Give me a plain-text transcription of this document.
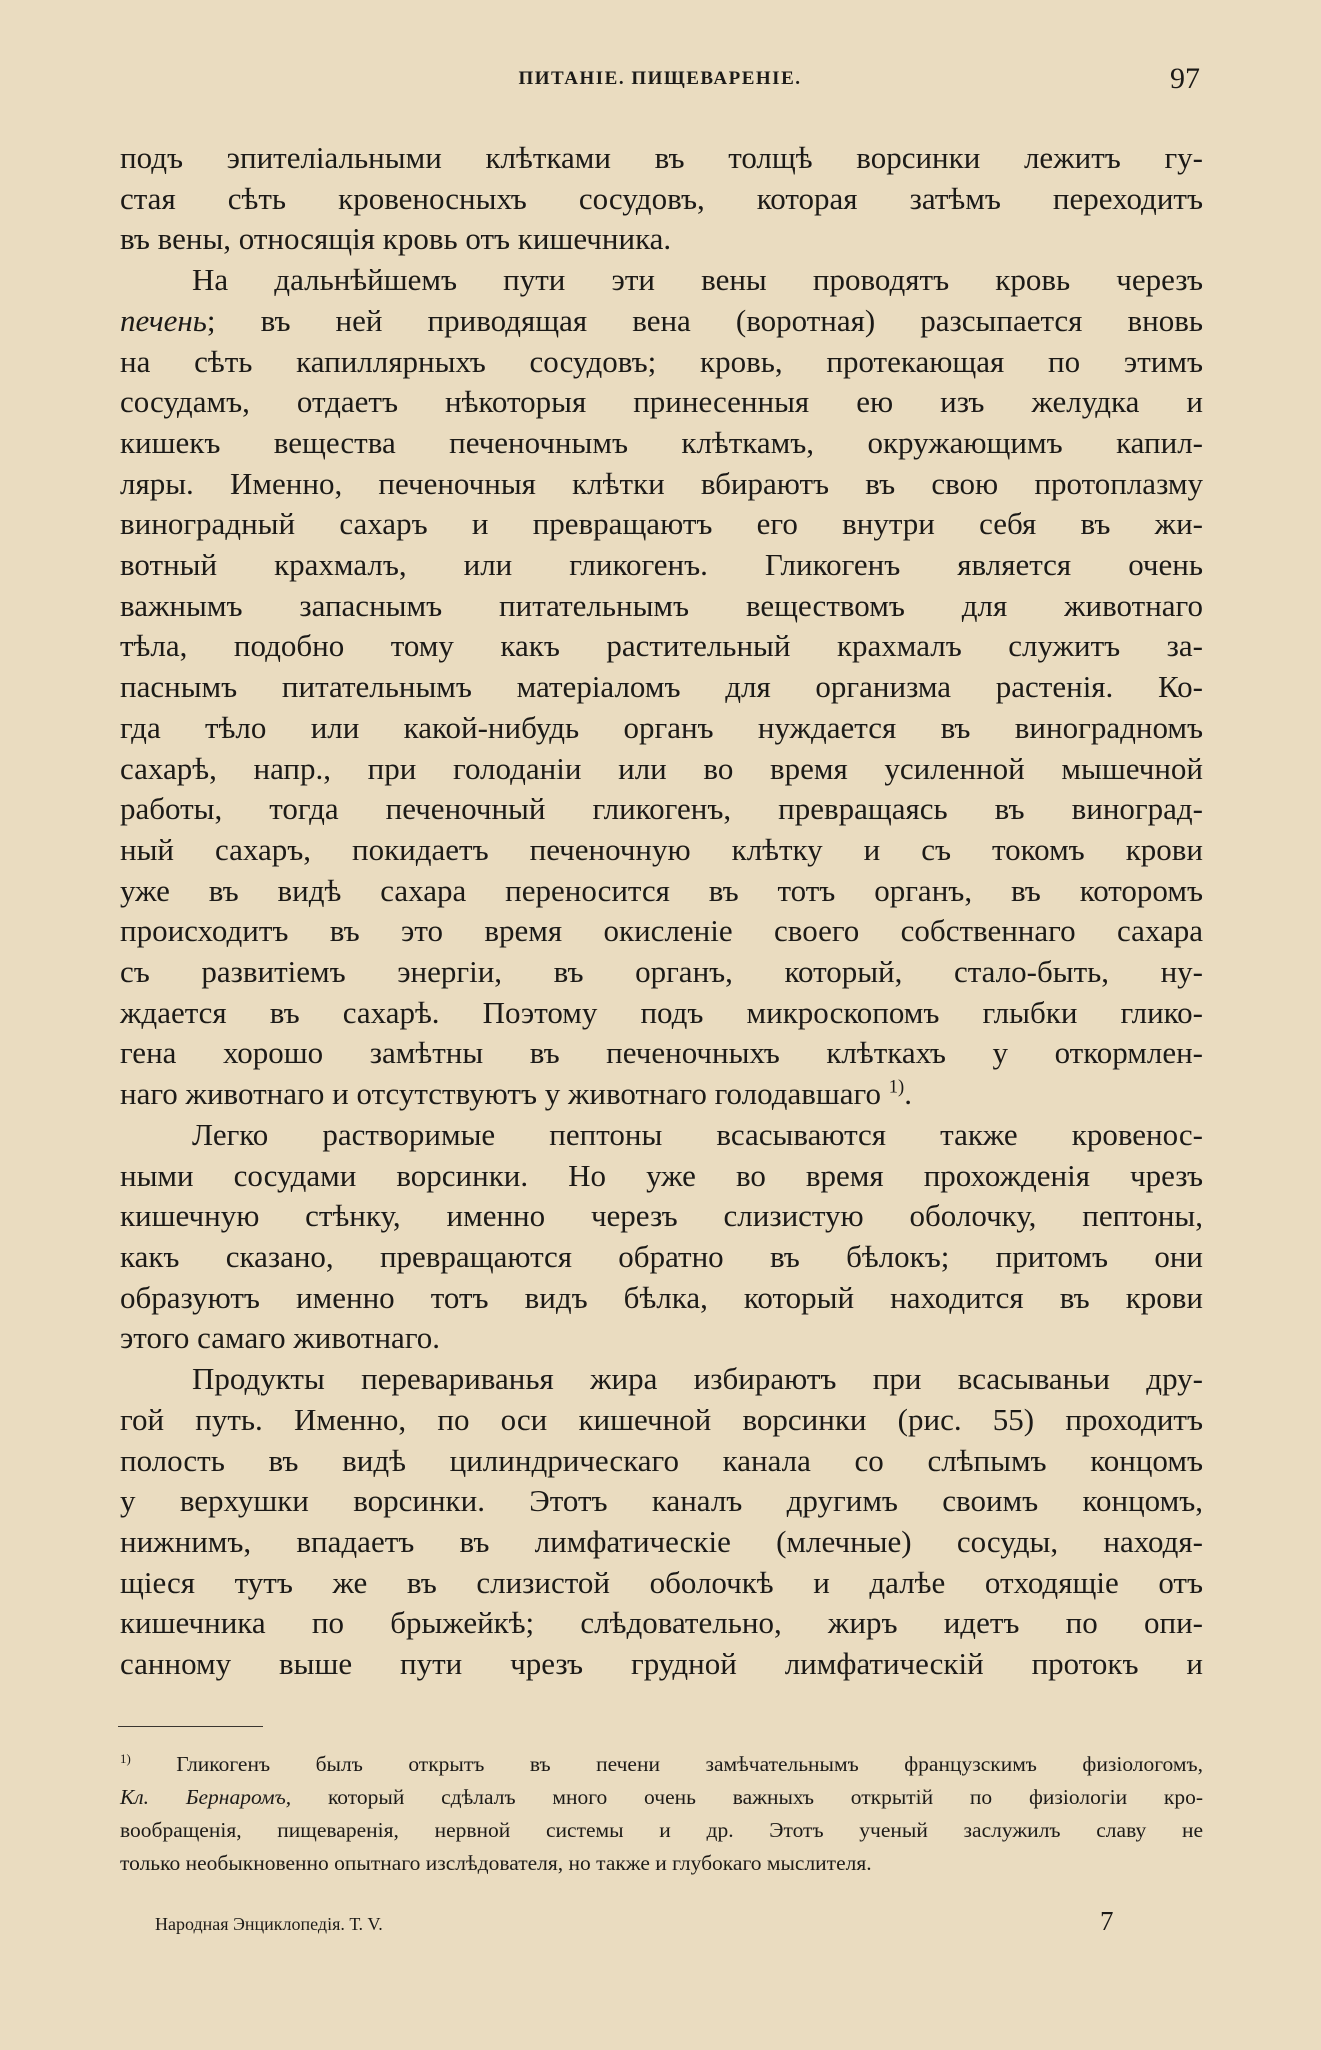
ПИТАНІЕ. ПИЩЕВАРЕНІЕ.	97
подъ эпителіальными клѣтками въ толщѣ ворсинки лежитъ гу-
стая сѣть кровеносныхъ сосудовъ, которая затѣмъ переходитъ
въ вены, относящія кровь отъ кишечника.
На дальнѣйшемъ пути эти вены проводятъ кровь черезъ
печень; въ ней приводящая вена (воротная) разсыпается вновь
на сѣть капиллярныхъ сосудовъ; кровь, протекающая по этимъ
сосудамъ, отдаетъ нѣкоторыя принесенныя ею изъ желудка и
кишекъ вещества печеночнымъ клѣткамъ, окружающимъ капил-
ляры. Именно, печеночныя клѣтки вбираютъ въ свою протоплазму
виноградный сахаръ и превращаютъ его внутри себя въ жи-
вотный крахмалъ, или гликогенъ. Гликогенъ является очень
важнымъ запаснымъ питательнымъ веществомъ для животнаго
тѣла, подобно тому какъ растительный крахмалъ служитъ за-
паснымъ питательнымъ матеріаломъ для организма растенія. Ко-
гда тѣло или какой-нибудь органъ нуждается въ виноградномъ
сахарѣ, напр., при голоданіи или во время усиленной мышечной
работы, тогда печеночный гликогенъ, превращаясь въ винoград-
ный сахаръ, покидаетъ печеночную клѣтку и съ токомъ крови
уже въ видѣ сахара переносится въ тотъ органъ, въ которомъ
происходитъ въ это время окисленіе своего собственнаго сахара
съ развитіемъ энергіи, въ органъ, который, стало-быть, ну-
ждается въ сахарѣ. Поэтому подъ микроскопомъ глыбки глико-
гена хорошо замѣтны въ печеночныхъ клѣткахъ у откормлен-
наго животнаго и отсутствуютъ у животнаго голодавшаго $^{1)}$.
Легко растворимые пептоны всасываются также кровенос-
ными сосудами ворсинки. Но уже во время прохожденія чрезъ
кишечную стѣнку, именно черезъ слизистую оболочку, пептоны,
какъ сказано, превращаются обратно въ бѣлокъ; притомъ они
образуютъ именно тотъ видъ бѣлка, который находится въ крови
этого самаго животнаго.
Продукты перевариванья жира избираютъ при всасываньи дру-
гой путь. Именно, по оси кишечной ворсинки (рис. 55) проходитъ
полость въ видѣ цилиндрическаго канала со слѣпымъ концомъ
у верхушки ворсинки. Этотъ каналъ другимъ своимъ концомъ,
нижнимъ, впадаетъ въ лимфатическіе (млечные) сосуды, находя-
щіеся тутъ же въ слизистой оболочкѣ и далѣе отходящіе отъ
кишечника по брыжейкѣ; слѣдовательно, жиръ идетъ по опи-
санному выше пути чрезъ грудной лимфатическій протокъ и
$^{1)}$ Гликогенъ былъ открытъ въ печени замѣчательнымъ французскимъ физіологомъ,
Кл. Бернаромъ, который сдѣлалъ много очень важныхъ открытій по физіологіи кро-
вообращенія, пищеваренія, нервной системы и др. Этотъ ученый заслужилъ славу не
только необыкновенно опытнаго изслѣдователя, но также и глубокаго мыслителя.
Народная Энциклопедія. Т. V.	7
